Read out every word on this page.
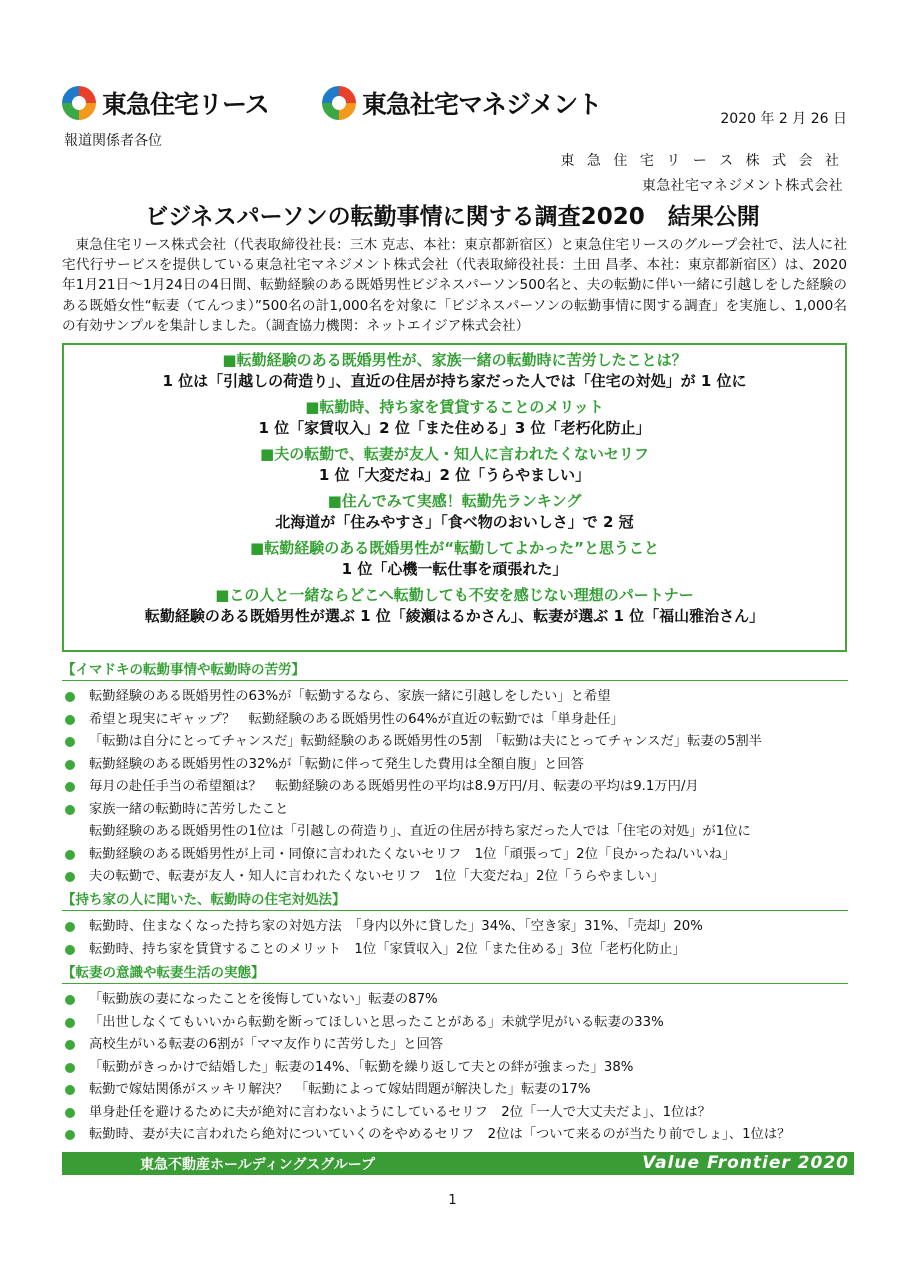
東急住宅リース	東急社宅マネジメント	2020 年 2 月 26 日
報道関係者各位
東 急 住 宅 リ ー ス 株 式 会 社
東急社宅マネジメント株式会社
ビジネスパーソンの転勤事情に関する調査2020　結果公開
東急住宅リース株式会社（代表取締役社長：三木 克志、本社：東京都新宿区）と東急住宅リースのグループ会社で、法人に社宅代行サービスを提供している東急社宅マネジメント株式会社（代表取締役社長：土田 昌孝、本社：東京都新宿区）は、2020年1月21日～1月24日の4日間、転勤経験のある既婚男性ビジネスパーソン500名と、夫の転勤に伴い一緒に引越しをした経験のある既婚女性“転妻（てんつま）”500名の計1,000名を対象に「ビジネスパーソンの転勤事情に関する調査」を実施し、1,000名の有効サンプルを集計しました。（調査協力機関：ネットエイジア株式会社）
■転勤経験のある既婚男性が、家族一緒の転勤時に苦労したことは？
1 位は「引越しの荷造り」、直近の住居が持ち家だった人では「住宅の対処」が 1 位に
■転勤時、持ち家を賃貸することのメリット
1 位「家賃収入」2 位「また住める」3 位「老朽化防止」
■夫の転勤で、転妻が友人・知人に言われたくないセリフ
1 位「大変だね」2 位「うらやましい」
■住んでみて実感！転勤先ランキング
北海道が「住みやすさ」「食べ物のおいしさ」で 2 冠
■転勤経験のある既婚男性が“転勤してよかった”と思うこと
1 位「心機一転仕事を頑張れた」
■この人と一緒ならどこへ転勤しても不安を感じない理想のパートナー
転勤経験のある既婚男性が選ぶ 1 位「綾瀬はるかさん」、転妻が選ぶ 1 位「福山雅治さん」
【イマドキの転勤事情や転勤時の苦労】
転勤経験のある既婚男性の63%が「転勤するなら、家族一緒に引越しをしたい」と希望
希望と現実にギャップ？　転勤経験のある既婚男性の64%が直近の転勤では「単身赴任」
「転勤は自分にとってチャンスだ」転勤経験のある既婚男性の5割　「転勤は夫にとってチャンスだ」転妻の5割半
転勤経験のある既婚男性の32%が「転勤に伴って発生した費用は全額自腹」と回答
毎月の赴任手当の希望額は？　転勤経験のある既婚男性の平均は8.9万円/月、転妻の平均は9.1万円/月
家族一緒の転勤時に苦労したこと
転勤経験のある既婚男性の1位は「引越しの荷造り」、直近の住居が持ち家だった人では「住宅の対処」が1位に
転勤経験のある既婚男性が上司・同僚に言われたくないセリフ　1位「頑張って」2位「良かったね/いいね」
夫の転勤で、転妻が友人・知人に言われたくないセリフ　1位「大変だね」2位「うらやましい」
【持ち家の人に聞いた、転勤時の住宅対処法】
転勤時、住まなくなった持ち家の対処方法　「身内以外に貸した」34%、「空き家」31%、「売却」20%
転勤時、持ち家を賃貸することのメリット　1位「家賃収入」2位「また住める」3位「老朽化防止」
【転妻の意識や転妻生活の実態】
「転勤族の妻になったことを後悔していない」転妻の87%
「出世しなくてもいいから転勤を断ってほしいと思ったことがある」未就学児がいる転妻の33%
高校生がいる転妻の6割が「ママ友作りに苦労した」と回答
「転勤がきっかけで結婚した」転妻の14%、「転勤を繰り返して夫との絆が強まった」38%
転勤で嫁姑関係がスッキリ解決？　「転勤によって嫁姑問題が解決した」転妻の17%
単身赴任を避けるために夫が絶対に言わないようにしているセリフ　2位「一人で大丈夫だよ」、1位は？
転勤時、妻が夫に言われたら絶対についていくのをやめるセリフ　2位は「ついて来るのが当たり前でしょ」、1位は？
東急不動産ホールディングスグループ	Value Frontier 2020
1
